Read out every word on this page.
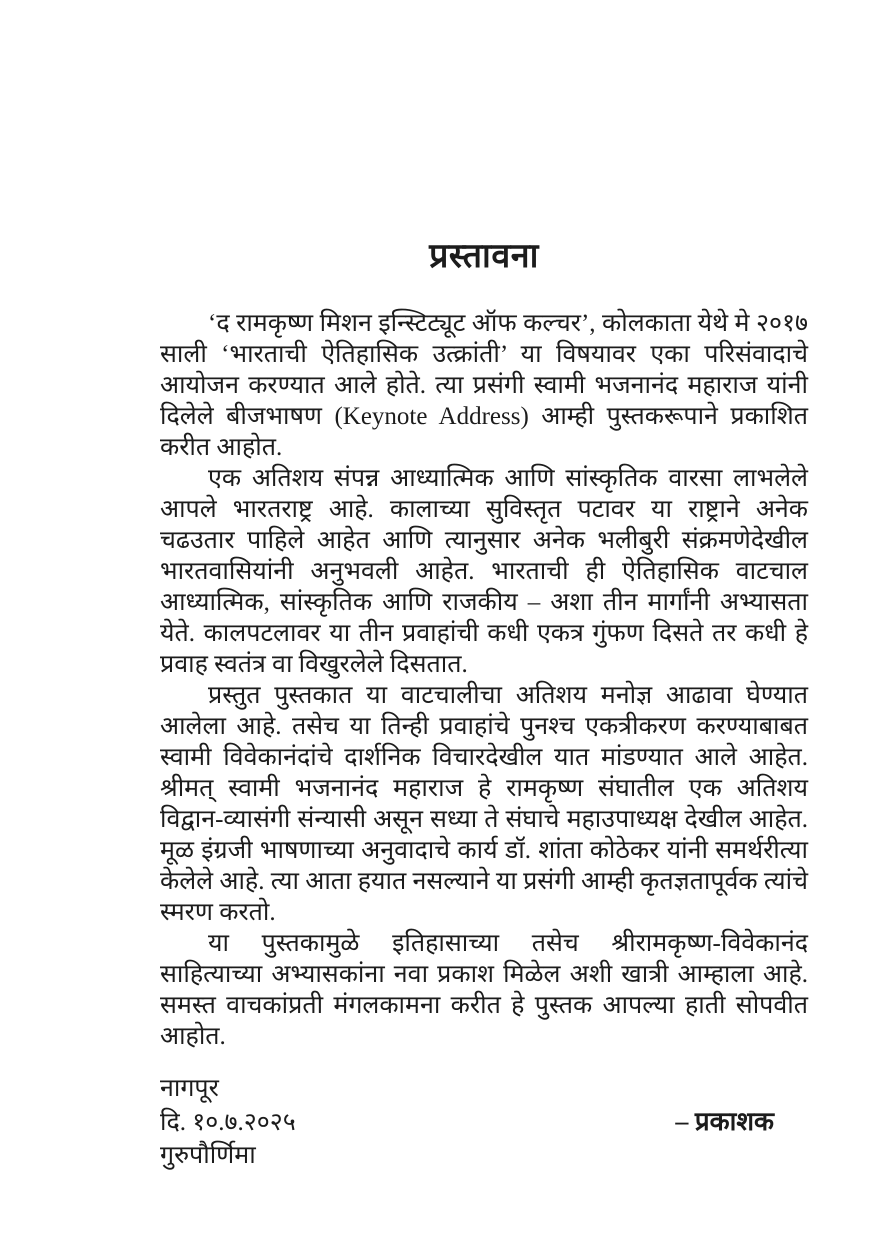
प्रस्तावना

‘द रामकृष्ण मिशन इन्स्टिट्यूट ऑफ कल्चर’, कोलकाता येथे मे २०१७ साली ‘भारताची ऐतिहासिक उत्क्रांती’ या विषयावर एका परिसंवादाचे आयोजन करण्यात आले होते. त्या प्रसंगी स्वामी भजनानंद महाराज यांनी दिलेले बीजभाषण (Keynote Address) आम्ही पुस्तकरूपाने प्रकाशित करीत आहोत.

एक अतिशय संपन्न आध्यात्मिक आणि सांस्कृतिक वारसा लाभलेले आपले भारतराष्ट्र आहे. कालाच्या सुविस्तृत पटावर या राष्ट्राने अनेक चढउतार पाहिले आहेत आणि त्यानुसार अनेक भलीबुरी संक्रमणेदेखील भारतवासियांनी अनुभवली आहेत. भारताची ही ऐतिहासिक वाटचाल आध्यात्मिक, सांस्कृतिक आणि राजकीय – अशा तीन मार्गांनी अभ्यासता येते. कालपटलावर या तीन प्रवाहांची कधी एकत्र गुंफण दिसते तर कधी हे प्रवाह स्वतंत्र वा विखुरलेले दिसतात.

प्रस्तुत पुस्तकात या वाटचालीचा अतिशय मनोज्ञ आढावा घेण्यात आलेला आहे. तसेच या तिन्ही प्रवाहांचे पुनश्च एकत्रीकरण करण्याबाबत स्वामी विवेकानंदांचे दार्शनिक विचारदेखील यात मांडण्यात आले आहेत. श्रीमत् स्वामी भजनानंद महाराज हे रामकृष्ण संघातील एक अतिशय विद्वान-व्यासंगी संन्यासी असून सध्या ते संघाचे महाउपाध्यक्ष देखील आहेत. मूळ इंग्रजी भाषणाच्या अनुवादाचे कार्य डॉ. शांता कोठेकर यांनी समर्थरीत्या केलेले आहे. त्या आता हयात नसल्याने या प्रसंगी आम्ही कृतज्ञतापूर्वक त्यांचे स्मरण करतो.

या पुस्तकामुळे इतिहासाच्या तसेच श्रीरामकृष्ण-विवेकानंद साहित्याच्या अभ्यासकांना नवा प्रकाश मिळेल अशी खात्री आम्हाला आहे. समस्त वाचकांप्रती मंगलकामना करीत हे पुस्तक आपल्या हाती सोपवीत आहोत.

नागपूर
दि. १०.७.२०२५	– प्रकाशक
गुरुपौर्णिमा
